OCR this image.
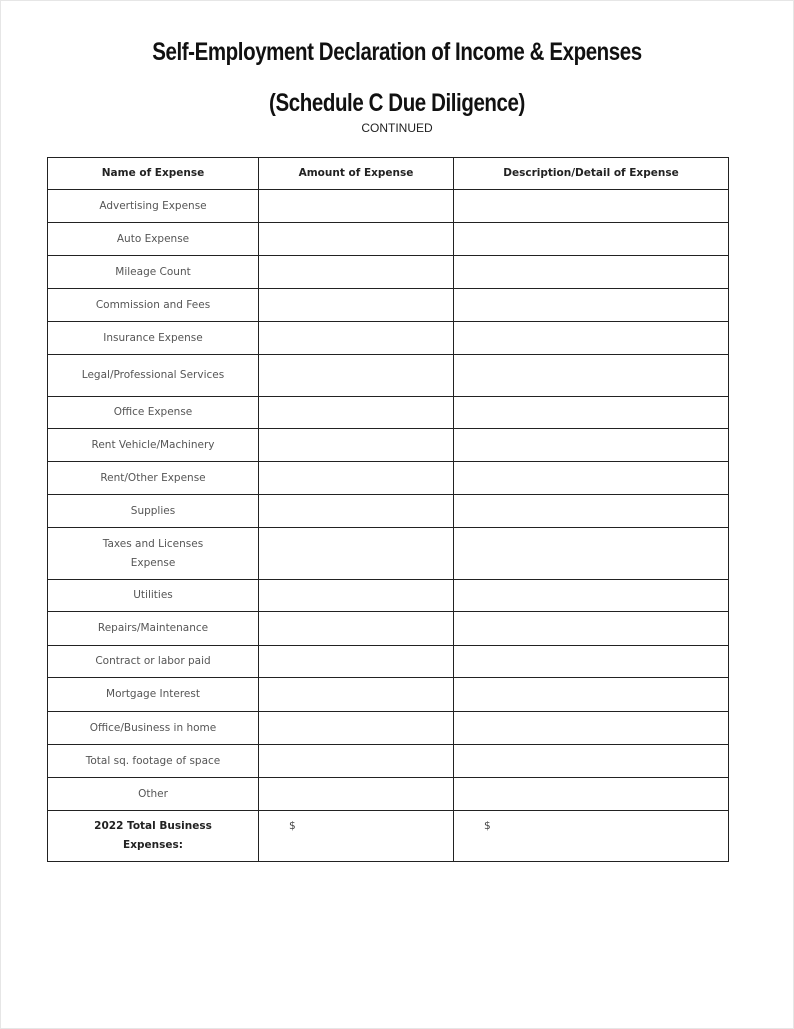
Self-Employment Declaration of Income & Expenses
(Schedule C Due Diligence)
CONTINUED
Name of Expense	Amount of Expense	Description/Detail of Expense
Advertising Expense		
Auto Expense		
Mileage Count		
Commission and Fees		
Insurance Expense		
Legal/Professional Services		
Office Expense		
Rent Vehicle/Machinery		
Rent/Other Expense		
Supplies		
Taxes and Licenses Expense		
Utilities		
Repairs/Maintenance		
Contract or labor paid		
Mortgage Interest		
Office/Business in home		
Total sq. footage of space		
Other		
2022 Total Business Expenses:	$	$
